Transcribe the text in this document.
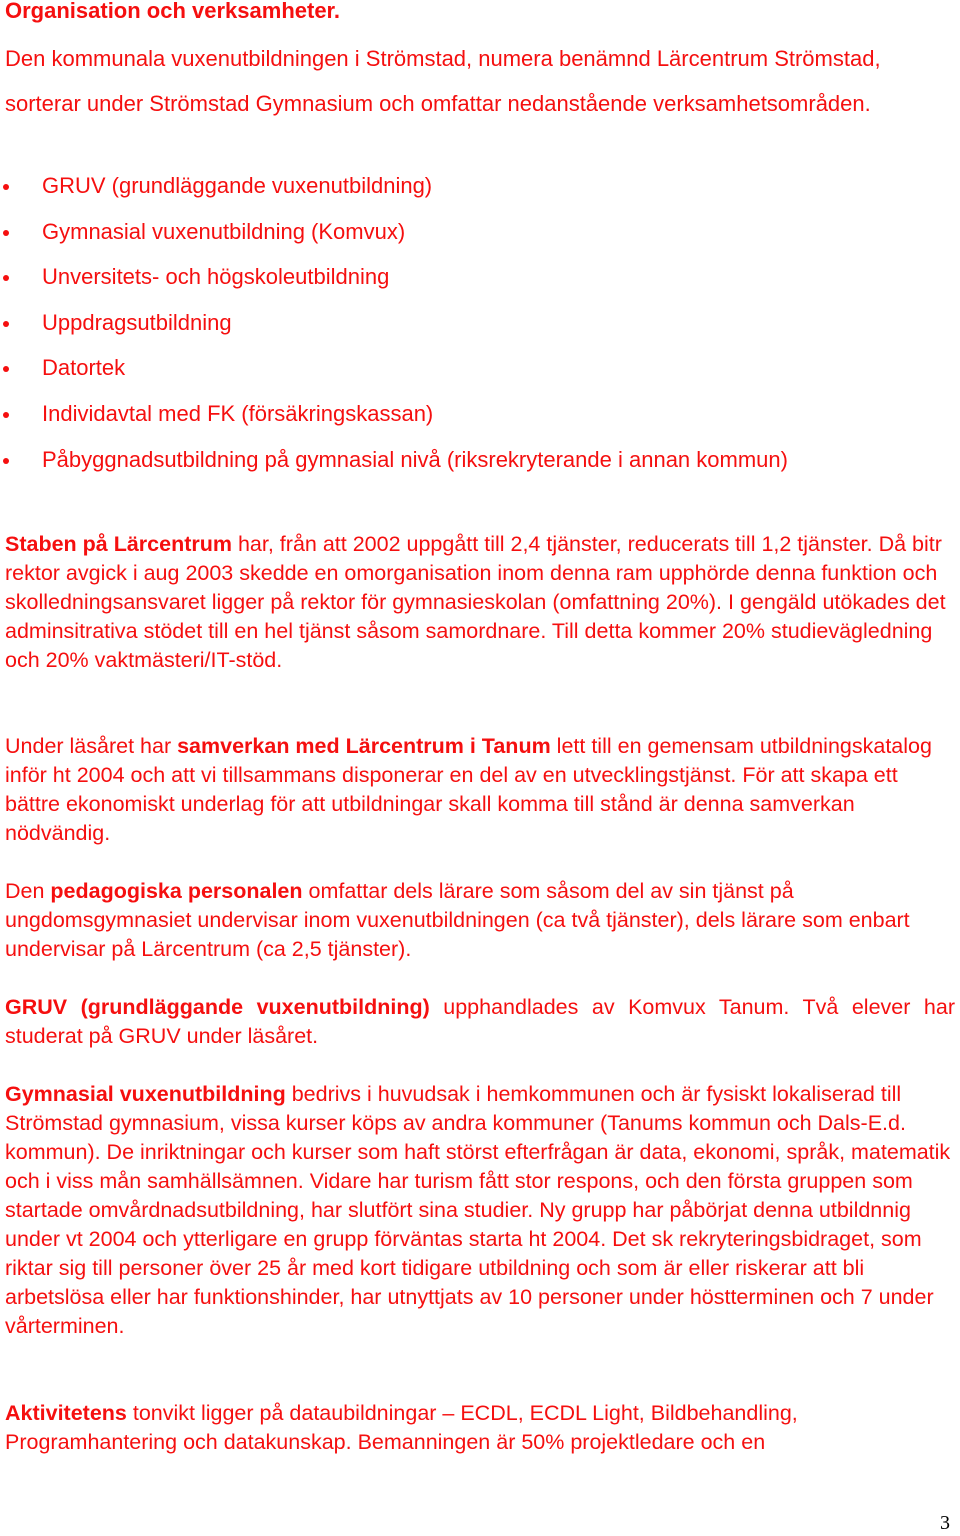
Organisation och verksamheter.

Den kommunala vuxenutbildningen i Strömstad, numera benämnd Lärcentrum Strömstad, sorterar under Strömstad Gymnasium och omfattar nedanstående verksamhetsområden.

GRUV (grundläggande vuxenutbildning)
Gymnasial vuxenutbildning (Komvux)
Unversitets- och högskoleutbildning
Uppdragsutbildning
Datortek
Individavtal med FK (försäkringskassan)
Påbyggnadsutbildning på gymnasial nivå (riksrekryterande i annan kommun)

Staben på Lärcentrum har, från att 2002 uppgått till 2,4 tjänster, reducerats till 1,2 tjänster. Då bitr rektor avgick i aug 2003 skedde en omorganisation inom denna ram upphörde denna funktion och skolledningsansvaret ligger på rektor för gymnasieskolan (omfattning 20%). I gengäld utökades det adminsitrativa stödet till en hel tjänst såsom samordnare. Till detta kommer 20% studievägledning och 20% vaktmästeri/IT-stöd.

Under läsåret har samverkan med Lärcentrum i Tanum lett till en gemensam utbildningskatalog inför ht 2004 och att vi tillsammans disponerar en del av en utvecklingstjänst. För att skapa ett bättre ekonomiskt underlag för att utbildningar skall komma till stånd är denna samverkan nödvändig.

Den pedagogiska personalen omfattar dels lärare som såsom del av sin tjänst på ungdomsgymnasiet undervisar inom vuxenutbildningen (ca två tjänster), dels lärare som enbart undervisar på Lärcentrum (ca 2,5 tjänster).

GRUV (grundläggande vuxenutbildning) upphandlades av Komvux Tanum. Två elever har studerat på GRUV under läsåret.

Gymnasial vuxenutbildning bedrivs i huvudsak i hemkommunen och är fysiskt lokaliserad till Strömstad gymnasium, vissa kurser köps av andra kommuner (Tanums kommun och Dals-E.d. kommun). De inriktningar och kurser som haft störst efterfrågan är data, ekonomi, språk, matematik och i viss mån samhällsämnen. Vidare har turism fått stor respons, och den första gruppen som startade omvårdnadsutbildning, har slutfört sina studier. Ny grupp har påbörjat denna utbildnnig under vt 2004 och ytterligare en grupp förväntas starta ht 2004. Det sk rekryteringsbidraget, som riktar sig till personer över 25 år med kort tidigare utbildning och som är eller riskerar att bli arbetslösa eller har funktionshinder, har utnyttjats av 10 personer under höstterminen och 7 under vårterminen.

Aktivitetens tonvikt ligger på dataubildningar – ECDL, ECDL Light, Bildbehandling, Programhantering och datakunskap. Bemanningen är 50% projektledare och en

3
